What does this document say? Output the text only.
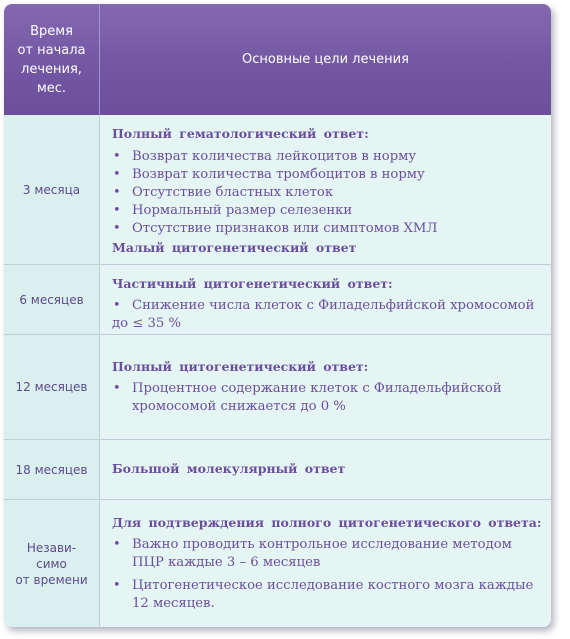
Время
от начала
лечения,
мес.
Основные цели лечения
3 месяца
Полный гематологический ответ:
• Возврат количества лейкоцитов в норму
• Возврат количества тромбоцитов в норму
• Отсутствие бластных клеток
• Нормальный размер селезенки
• Отсутствие признаков или симптомов ХМЛ
Малый цитогенетический ответ
6 месяцев
Частичный цитогенетический ответ:
• Снижение числа клеток с Филадельфийской хромосомой до ≤ 35 %
12 месяцев
Полный цитогенетический ответ:
• Процентное содержание клеток с Филадельфийской хромосомой снижается до 0 %
18 месяцев	Большой молекулярный ответ
Незави-
симо
от времени
Для подтверждения полного цитогенетического ответа:
• Важно проводить контрольное исследование методом ПЦР каждые 3 – 6 месяцев
• Цитогенетическое исследование костного мозга каждые 12 месяцев.
